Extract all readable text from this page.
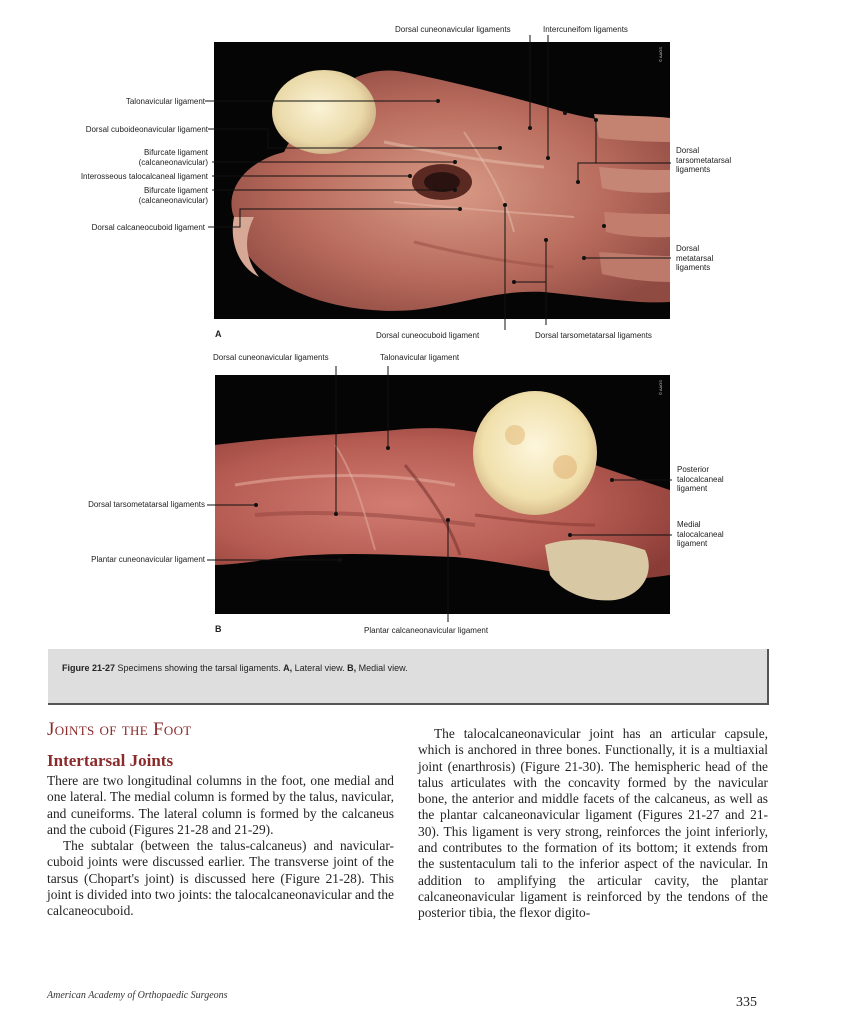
© AAOS
© AAOS
Dorsal cuneonavicular ligaments	Intercuneifom ligaments
Talonavicular ligament
Dorsal cuboideonavicular ligament
Bifurcate ligament
(calcaneonavicular)
Interosseous talocalcaneal ligament
Bifurcate ligament
(calcaneonavicular)
Dorsal calcaneocuboid ligament
Dorsal
tarsometatarsal
ligaments
Dorsal
metatarsal
ligaments
A	Dorsal cuneocuboid ligament	Dorsal tarsometatarsal ligaments
Dorsal cuneonavicular ligaments	Talonavicular ligament
Dorsal tarsometatarsal ligaments
Plantar cuneonavicular ligament
Posterior
talocalcaneal
ligament
Medial
talocalcaneal
ligament
B	Plantar calcaneonavicular ligament
Figure 21-27 Specimens showing the tarsal ligaments. A, Lateral view. B, Medial view.
Joints of the Foot
Intertarsal Joints

There are two longitudinal columns in the foot, one medial and one lateral. The medial column is formed by the talus, navicular, and cuneiforms. The lateral column is formed by the calcaneus and the cuboid (Figures 21-28 and 21-29).

The subtalar (between the talus-calcaneus) and navicular-cuboid joints were discussed earlier. The transverse joint of the tarsus (Chopart's joint) is discussed here (Figure 21-28). This joint is divided into two joints: the talocalcaneonavicular and the calcaneocuboid.

The talocalcaneonavicular joint has an articular capsule, which is anchored in three bones. Functionally, it is a multiaxial joint (enarthrosis) (Figure 21-30). The hemispheric head of the talus articulates with the concavity formed by the navicular bone, the anterior and middle facets of the calcaneus, as well as the plantar calcaneonavicular ligament (Figures 21-27 and 21-30). This ligament is very strong, reinforces the joint inferiorly, and contributes to the formation of its bottom; it extends from the sustentaculum tali to the inferior aspect of the navicular. In addition to amplifying the articular cavity, the plantar calcaneonavicular ligament is reinforced by the tendons of the posterior tibia, the flexor digito-

American Academy of Orthopaedic Surgeons	335
